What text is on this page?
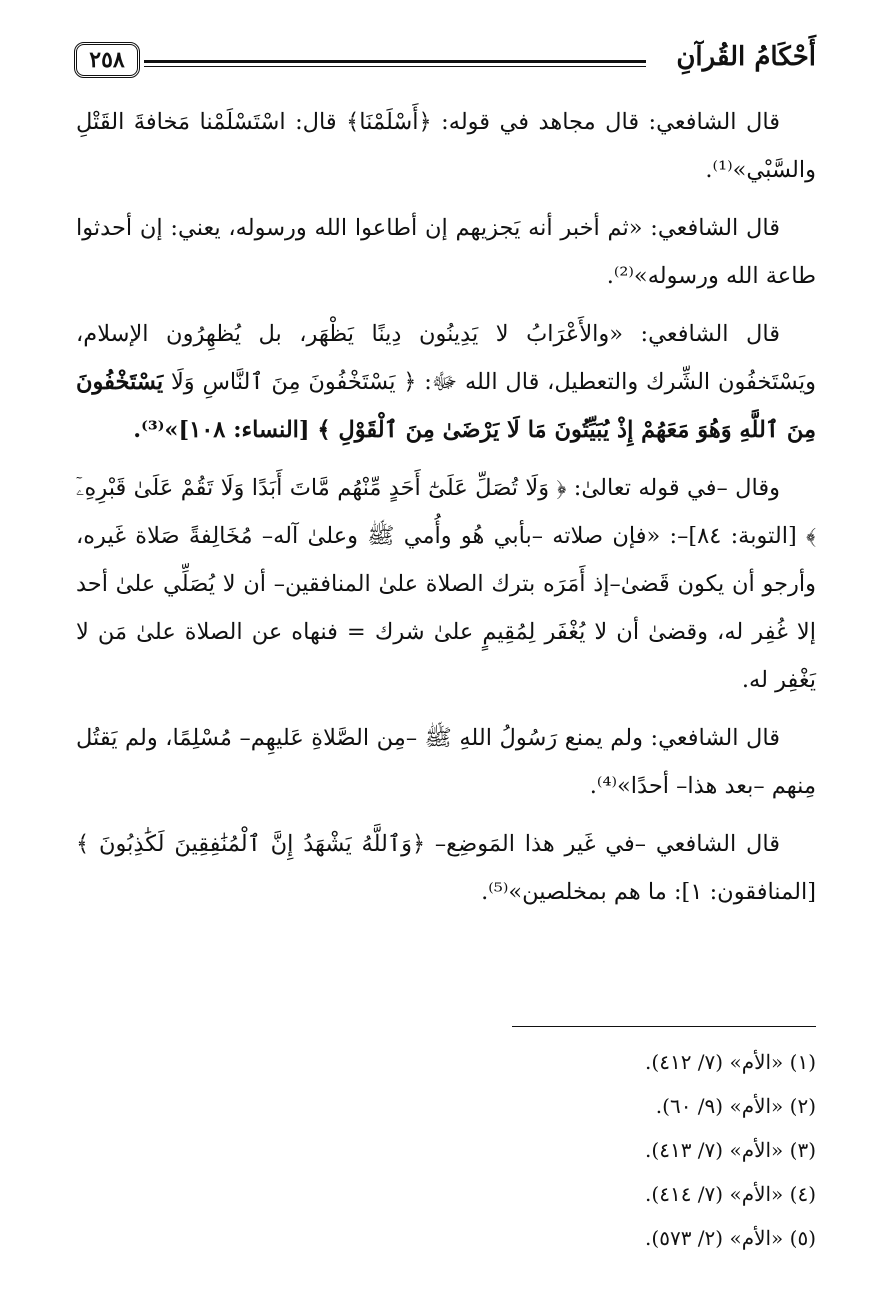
أَحْكَامُ القُرآنِ
٢٥٨

قال الشافعي: قال مجاهد في قوله: ﴿أَسْلَمْنَا﴾ قال: اسْتَسْلَمْنا مَخافةَ القَتْلِ والسَّبْي»⁽¹⁾.

قال الشافعي: «ثم أخبر أنه يَجزيهم إن أطاعوا الله ورسوله، يعني: إن أحدثوا طاعة الله ورسوله»⁽²⁾.

قال الشافعي: «والأَعْرَابُ لا يَدِينُون دِينًا يَظْهَر، بل يُظهِرُون الإسلام، ويَسْتَخفُون الشِّرك والتعطيل، قال الله ﷻ: ﴿ يَسْتَخْفُونَ مِنَ ٱلنَّاسِ وَلَا يَسْتَخْفُونَ مِنَ ٱللَّهِ وَهُوَ مَعَهُمْ إِذْ يُبَيِّتُونَ مَا لَا يَرْضَىٰ مِنَ ٱلْقَوْلِ ﴾ [النساء: ١٠٨]»⁽³⁾.

وقال –في قوله تعالىٰ: ﴿ وَلَا تُصَلِّ عَلَىٰٓ أَحَدٍ مِّنْهُم مَّاتَ أَبَدًا وَلَا تَقُمْ عَلَىٰ قَبْرِهِۦٓ ﴾ [التوبة: ٨٤]–: «فإن صلاته –بأبي هُو وأُمي ﷺ وعلىٰ آله– مُخَالِفةً صَلاة غَيره، وأرجو أن يكون قَضىٰ–إذ أَمَرَه بترك الصلاة علىٰ المنافقين– أن لا يُصَلِّي علىٰ أحد إلا غُفِر له، وقضىٰ أن لا يُغْفَر لِمُقِيمٍ علىٰ شرك = فنهاه عن الصلاة علىٰ مَن لا يَغْفِر له.

قال الشافعي: ولم يمنع رَسُولُ اللهِ ﷺ –مِن الصَّلاةِ عَليهِم– مُسْلِمًا، ولم يَقتُل مِنهم –بعد هذا– أحدًا»⁽⁴⁾.

قال الشافعي –في غَير هذا المَوضِع– ﴿وَٱللَّهُ يَشْهَدُ إِنَّ ٱلْمُنَٰفِقِينَ لَكَٰذِبُونَ ﴾ [المنافقون: ١]: ما هم بمخلصين»⁽⁵⁾.

(١) «الأم» (٧/ ٤١٢).

(٢) «الأم» (٩/ ٦٠).

(٣) «الأم» (٧/ ٤١٣).

(٤) «الأم» (٧/ ٤١٤).

(٥) «الأم» (٢/ ٥٧٣).
